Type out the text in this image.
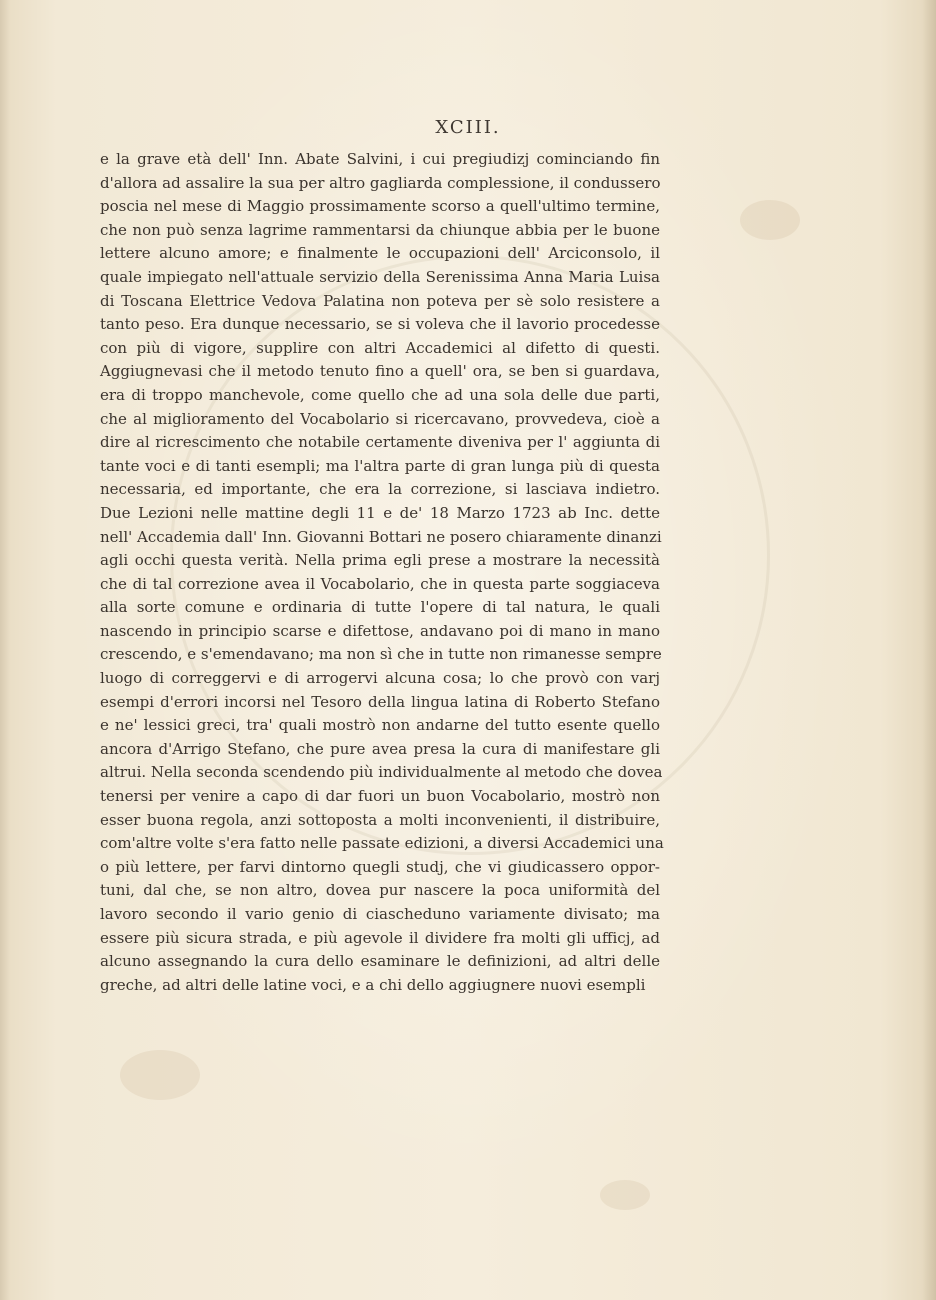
XCIII.
e la grave età dell' Inn. Abate Salvini, i cui pregiudizj cominciando fin
d'allora ad assalire la sua per altro gagliarda complessione, il condussero
poscia nel mese di Maggio prossimamente scorso a quell'ultimo termine,
che non può senza lagrime rammentarsi da chiunque abbia per le buone
lettere alcuno amore; e finalmente le occupazioni dell' Arciconsolo, il
quale impiegato nell'attuale servizio della Serenissima Anna Maria Luisa
di Toscana Elettrice Vedova Palatina non poteva per sè solo resistere a
tanto peso. Era dunque necessario, se si voleva che il lavorio procedesse
con più di vigore, supplire con altri Accademici al difetto di questi.
Aggiugnevasi che il metodo tenuto fino a quell' ora, se ben si guardava,
era di troppo manchevole, come quello che ad una sola delle due parti,
che al miglioramento del Vocabolario si ricercavano, provvedeva, cioè a
dire al ricrescimento che notabile certamente diveniva per l' aggiunta di
tante voci e di tanti esempli; ma l'altra parte di gran lunga più di questa
necessaria, ed importante, che era la correzione, si lasciava indietro.
Due Lezioni nelle mattine degli 11 e de' 18 Marzo 1723 ab Inc. dette
nell' Accademia dall' Inn. Giovanni Bottari ne posero chiaramente dinanzi
agli occhi questa verità. Nella prima egli prese a mostrare la necessità
che di tal correzione avea il Vocabolario, che in questa parte soggiaceva
alla sorte comune e ordinaria di tutte l'opere di tal natura, le quali
nascendo in principio scarse e difettose, andavano poi di mano in mano
crescendo, e s'emendavano; ma non sì che in tutte non rimanesse sempre
luogo di correggervi e di arrogervi alcuna cosa; lo che provò con varj
esempi d'errori incorsi nel Tesoro della lingua latina di Roberto Stefano
e ne' lessici greci, tra' quali mostrò non andarne del tutto esente quello
ancora d'Arrigo Stefano, che pure avea presa la cura di manifestare gli
altrui. Nella seconda scendendo più individualmente al metodo che dovea
tenersi per venire a capo di dar fuori un buon Vocabolario, mostrò non
esser buona regola, anzi sottoposta a molti inconvenienti, il distribuire,
com'altre volte s'era fatto nelle passate edizioni, a diversi Accademici una
o più lettere, per farvi dintorno quegli studj, che vi giudicassero oppor-
tuni, dal che, se non altro, dovea pur nascere la poca uniformità del
lavoro secondo il vario genio di ciascheduno variamente divisato; ma
essere più sicura strada, e più agevole il dividere fra molti gli ufficj, ad
alcuno assegnando la cura dello esaminare le definizioni, ad altri delle
greche, ad altri delle latine voci, e a chi dello aggiugnere nuovi esempli
